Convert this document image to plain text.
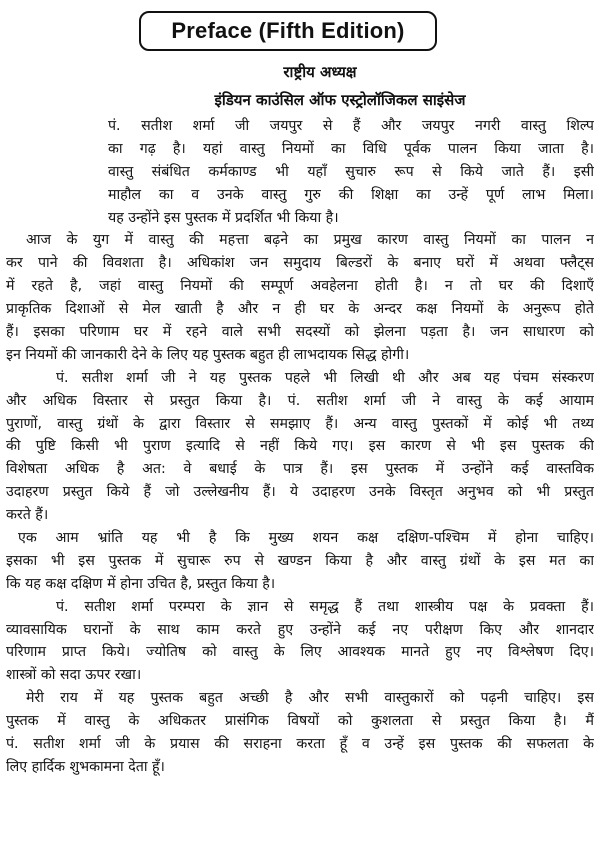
Preface (Fifth Edition)
राष्ट्रीय अध्यक्ष
इंडियन काउंसिल ऑफ एस्ट्रोलॉजिकल साइंसेज
पं. सतीश शर्मा जी जयपुर से हैं और जयपुर नगरी वास्तु शिल्प
का गढ़ है। यहां वास्तु नियमों का विधि पूर्वक पालन किया जाता है।
वास्तु संबंधित कर्मकाण्ड भी यहाँ सुचारु रूप से किये जाते हैं। इसी
माहौल का व उनके वास्तु गुरु की शिक्षा का उन्हें पूर्ण लाभ मिला।
यह उन्होंने इस पुस्तक में प्रदर्शित भी किया है।
आज के युग में वास्तु की महत्ता बढ़ने का प्रमुख कारण वास्तु नियमों का पालन न
कर पाने की विवशता है। अधिकांश जन समुदाय बिल्डरों के बनाए घरों में अथवा फ्लैट्स
में रहते है, जहां वास्तु नियमों की सम्पूर्ण अवहेलना होती है। न तो घर की दिशाएँ
प्राकृतिक दिशाओं से मेल खाती है और न ही घर के अन्दर कक्ष नियमों के अनुरूप होते
हैं। इसका परिणाम घर में रहने वाले सभी सदस्यों को झेलना पड़ता है। जन साधारण को
इन नियमों की जानकारी देने के लिए यह पुस्तक बहुत ही लाभदायक सिद्ध होगी।
पं. सतीश शर्मा जी ने यह पुस्तक पहले भी लिखी थी और अब यह पंचम संस्करण
और अधिक विस्तार से प्रस्तुत किया है। पं. सतीश शर्मा जी ने वास्तु के कई आयाम
पुराणों, वास्तु ग्रंथों के द्वारा विस्तार से समझाए हैं। अन्य वास्तु पुस्तकों में कोई भी तथ्य
की पुष्टि किसी भी पुराण इत्यादि से नहीं किये गए। इस कारण से भी इस पुस्तक की
विशेषता अधिक है अत: वे बधाई के पात्र हैं। इस पुस्तक में उन्होंने कई वास्तविक
उदाहरण प्रस्तुत किये हैं जो उल्लेखनीय हैं। ये उदाहरण उनके विस्तृत अनुभव को भी प्रस्तुत
करते हैं।
एक आम भ्रांति यह भी है कि मुख्य शयन कक्ष दक्षिण-पश्चिम में होना चाहिए।
इसका भी इस पुस्तक में सुचारू रुप से खण्डन किया है और वास्तु ग्रंथों के इस मत का
कि यह कक्ष दक्षिण में होना उचित है, प्रस्तुत किया है।
पं. सतीश शर्मा परम्परा के ज्ञान से समृद्ध हैं तथा शास्त्रीय पक्ष के प्रवक्ता हैं।
व्यावसायिक घरानों के साथ काम करते हुए उन्होंने कई नए परीक्षण किए और शानदार
परिणाम प्राप्त किये। ज्योतिष को वास्तु के लिए आवश्यक मानते हुए नए विश्लेषण दिए।
शास्त्रों को सदा ऊपर रखा।
मेरी राय में यह पुस्तक बहुत अच्छी है और सभी वास्तुकारों को पढ़नी चाहिए। इस
पुस्तक में वास्तु के अधिकतर प्रासंगिक विषयों को कुशलता से प्रस्तुत किया है। मैं
पं. सतीश शर्मा जी के प्रयास की सराहना करता हूँ व उन्हें इस पुस्तक की सफलता के
लिए हार्दिक शुभकामना देता हूँ।
